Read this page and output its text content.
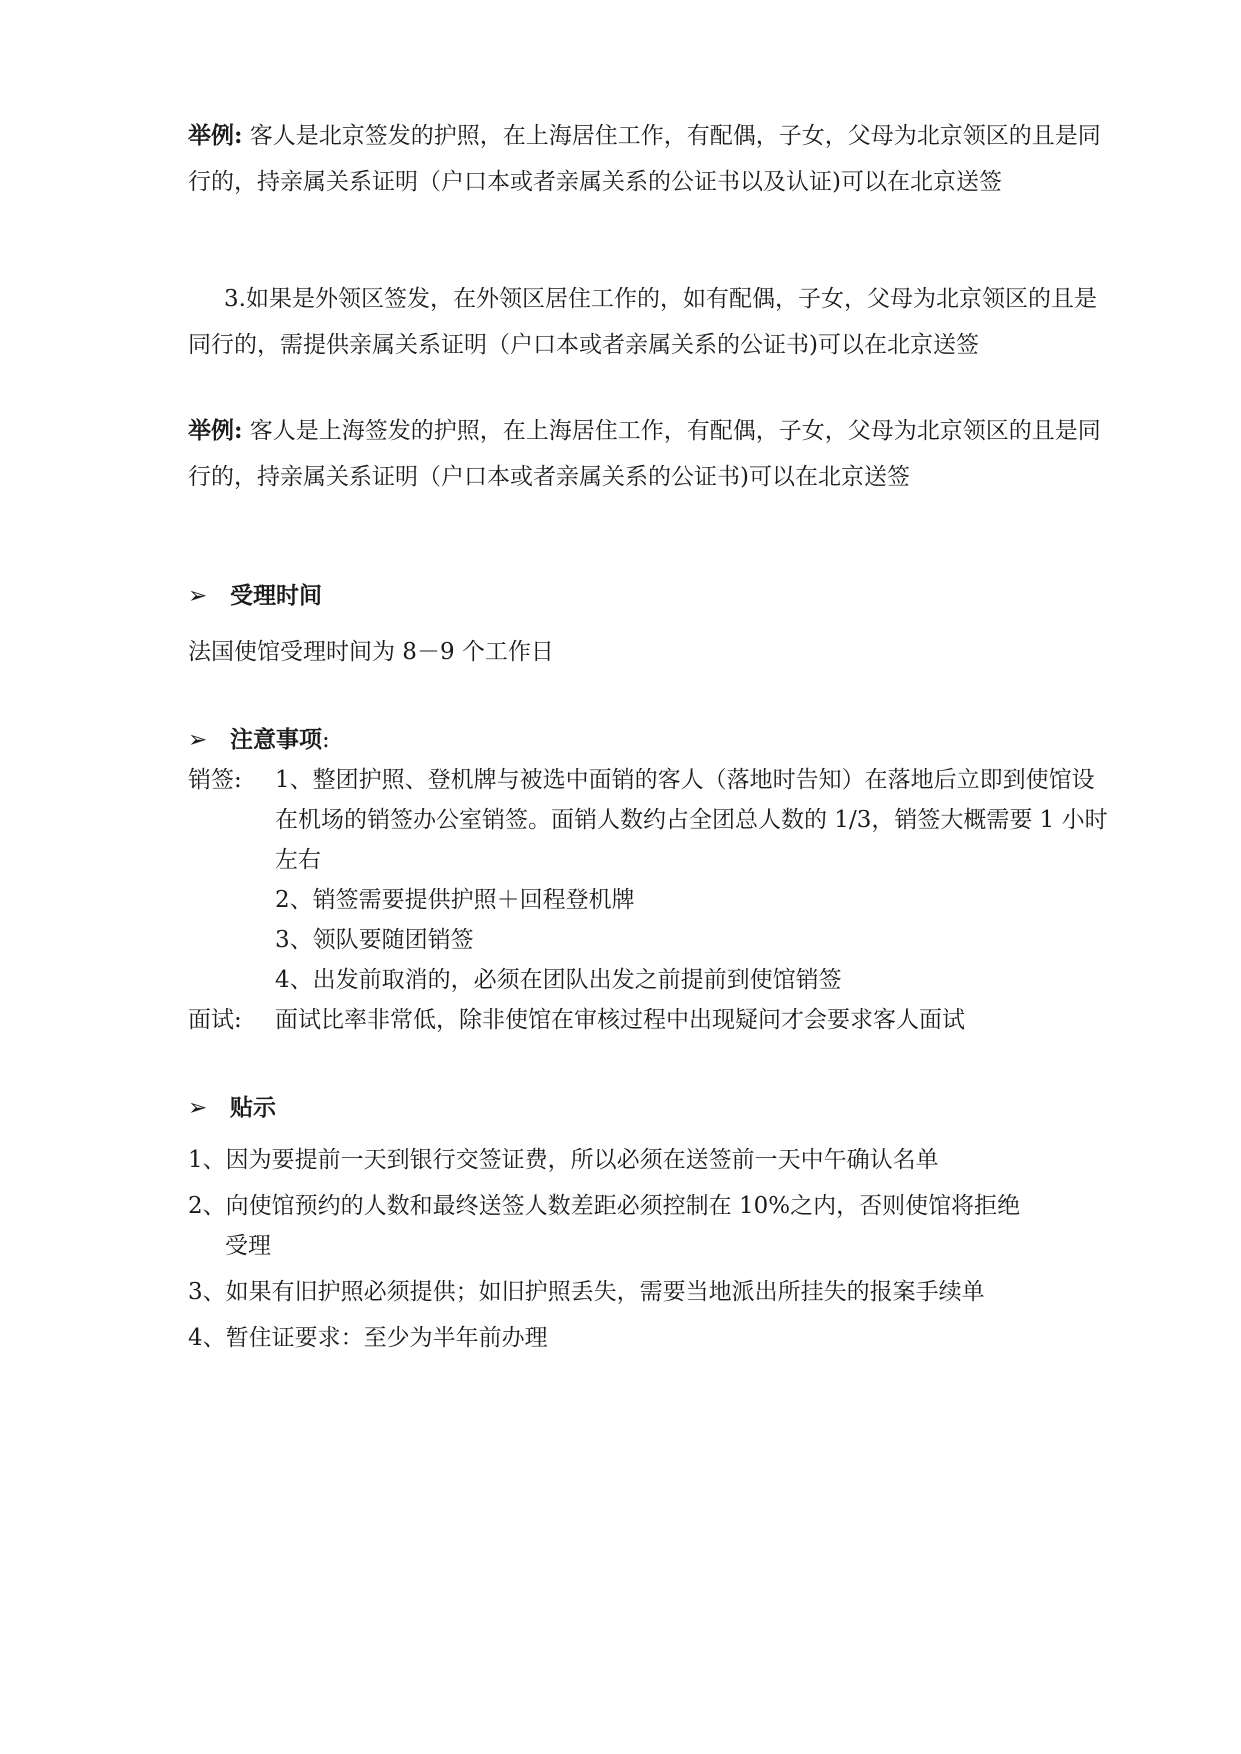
举例: 客人是北京签发的护照，在上海居住工作，有配偶，子女，父母为北京领区的且是同行的，持亲属关系证明（户口本或者亲属关系的公证书以及认证)可以在北京送签
3.如果是外领区签发，在外领区居住工作的，如有配偶，子女，父母为北京领区的且是同行的，需提供亲属关系证明（户口本或者亲属关系的公证书)可以在北京送签
举例: 客人是上海签发的护照，在上海居住工作，有配偶，子女，父母为北京领区的且是同行的，持亲属关系证明（户口本或者亲属关系的公证书)可以在北京送签
➢ 受理时间
法国使馆受理时间为 8－9 个工作日
➢ 注意事项:
销签: 1、整团护照、登机牌与被选中面销的客人（落地时告知）在落地后立即到使馆设在机场的销签办公室销签。面销人数约占全团总人数的 1/3，销签大概需要 1 小时左右
2、销签需要提供护照＋回程登机牌
3、领队要随团销签
4、出发前取消的，必须在团队出发之前提前到使馆销签
面试: 面试比率非常低，除非使馆在审核过程中出现疑问才会要求客人面试
➢ 贴示
1、因为要提前一天到银行交签证费，所以必须在送签前一天中午确认名单
2、向使馆预约的人数和最终送签人数差距必须控制在 10%之内，否则使馆将拒绝
受理
3、如果有旧护照必须提供；如旧护照丢失，需要当地派出所挂失的报案手续单
4、暂住证要求：至少为半年前办理
